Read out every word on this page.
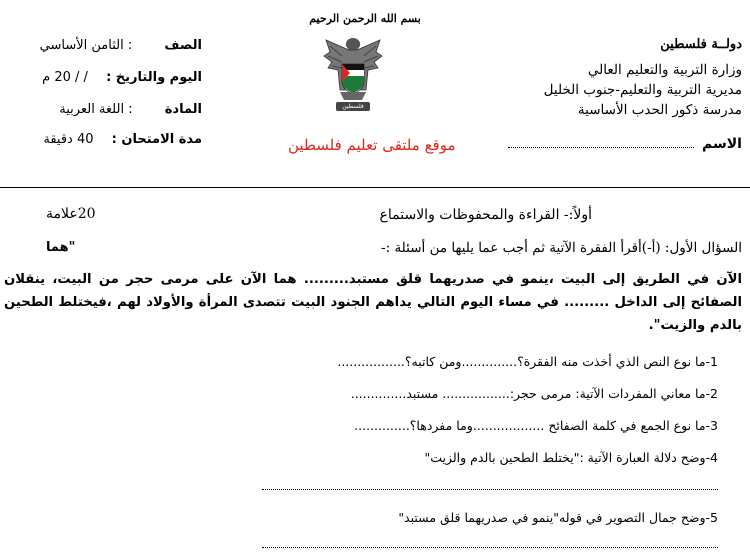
بسم الله الرحمن الرحيم
دولــة فلسطين
وزارة التربية والتعليم العالي
مديرية التربية والتعليم-جنوب الخليل
مدرسة ذكور الحدب الأساسية
فلسطين
الصف : الثامن الأساسي
اليوم والتاريخ : / / 20 م
المادة : اللغة العربية
مدة الامتحان : 40 دقيقة	الاسم
موقع ملتقى تعليم فلسطين
أولاً:- القراءة والمحفوظات والاستماع
20علامة
السؤال الأول: (أ-)أقرأ الفقرة الآتية ثم أجب عما يليها من أسئلة :-
"هما
الآن في الطريق إلى البيت ،ينمو في صدريهما قلق مستبد......... هما الآن على مرمى حجر من البيت، ينقلان الصفائح إلى الداخل ......... في مساء اليوم التالي يداهم الجنود البيت تتصدى المرأة والأولاد لهم ،فيختلط الطحين بالدم والزيت".
1-ما نوع النص الذي أخذت منه الفقرة؟..............ومن كاتبه؟.................
2-ما معاني المفردات الآتية: مرمى حجر:................. مستبد..............
3-ما نوع الجمع في كلمة الصفائح ..................وما مفردها؟..............
4-وضح دلالة العبارة الآتية :"يختلط الطحين بالدم والزيت"
5-وضح جمال التصوير في قوله"ينمو في صدريهما قلق مستبد"
